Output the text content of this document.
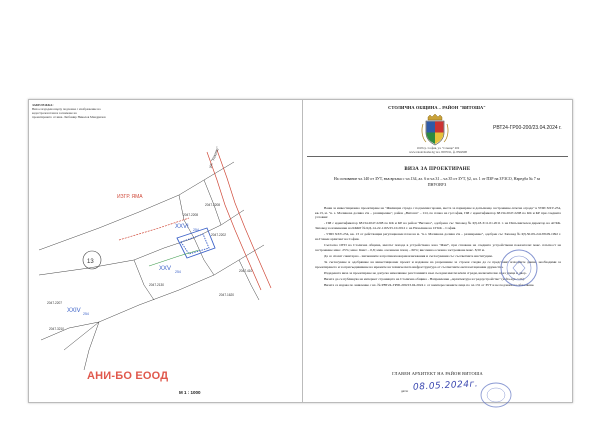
ЗАБЕЛЕЖКА:
Виза е издадена върху подложка с изображение на
кадастрален план и заснемане на
проектирането от инж. Любомир Николов Мандрилов
ИЗГР. ЯМА
ул. "Кокиче"
XXVI 254
XXV 254
XXIV 254
13
2047.2202
2047.2208
2047.2130
2047.2207
2047.3210
2047.410
2047.2208
2047.1620
АНИ-БО ЕООД
М 1 : 1000
СТОЛИЧНА ОБЩИНА – РАЙОН "ВИТОША"
1618 гр. София, ул. "Слънце" 202
www.raionvitosha.bg тел. 9597011, ф. 8562908
РВТ24-ГР00-200/23.04.2024 г.
ВИЗА ЗА ПРОЕКТИРАНЕ
На основание чл.140 от ЗУТ, във връзка с чл.134, ал. 6 и чл.31 – чл.35 от ЗУТ, §2, ал. 1 от ПЗР на ЗУЗСО, Наредба № 7 за ПНУОВУЗ

Важи за инвестиционно проектиране на "Жилищна сграда с подземни гаражи, места за паркиране и допълващо застрояване-плътна ограда" в УПИ XXV-254, кв.13, м. "в. з. Малинова долина 2А – разширение", район „Витоша" – СО, по плана на гр.София, ПИ с идентификатор 68134.2047.2208 по КК и КР при следните условия:

- ПИ с идентификатор 68134.2047.2208 по КК и КР на район "Витоша", одобрена със Заповед № РД-18-3/11.01.2011 г. на Изпълнителен директор на АГКК. Заповед за изменение на КККР № КД-14-22-1165/25.10.2012 г. на Началник на СГКК – София.

- УПИ XXV-254, кв. 13 от действащия регулационен план на м. "в.з. Малинова долина 2А – разширение", одобрен със Заповед № РД-50-09-241/08.09.1992 г. на Главен архитект на София.

Съгласно ОУП на Столична община, имотът попада в устройствена зона "Жм2", при спазване на следните устройствени показатели: макс. плътност на застрояване макс. 25%; макс. Кинт – 0,8; мин. озеленена площ – 60%; височина основно застрояване макс. 8,50 м.

Да се спазят санитарно - хигиенните и противопожарни изисквания и съгласувания със съответните институции.

За съгласуване и одобряване на инвестиционен проект и издаване на разрешение за строеж следва да се представят изходните данни, необходими за проектирането и за присъединяване на мрежите на техническата инфраструктура от съответните експлоатационни дружества.

Издадената виза за проектиране не допуска намаляване разстоянията към съседни имоти и/или сгради, включително през улица и двор.

Визата да се публикува на интернет страницата на Столична община - Направление „Архитектура и градоустройство" (sofia-agk.com).

Визата се издава по заявление с вх. № РВТ24-ГР00-200/23.04.2024 г. от заинтересованите лица по чл.131 от ЗУТ и не подлежи на обжалване.

ГЛАВЕН АРХИТЕКТ НА РАЙОН ВИТОША
дата: 08.05.2024г.
